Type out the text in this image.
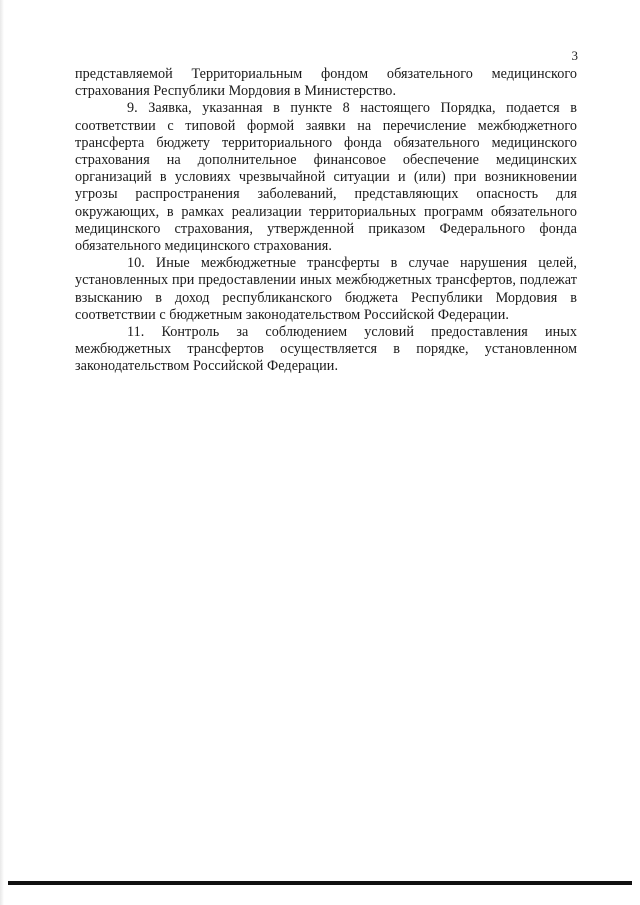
3

представляемой Территориальным фондом обязательного медицинского страхования Республики Мордовия в Министерство.

9. Заявка, указанная в пункте 8 настоящего Порядка, подается в соответствии с типовой формой заявки на перечисление межбюджетного трансферта бюджету территориального фонда обязательного медицинского страхования на дополнительное финансовое обеспечение медицинских организаций в условиях чрезвычайной ситуации и (или) при возникновении угрозы распространения заболеваний, представляющих опасность для окружающих, в рамках реализации территориальных программ обязательного медицинского страхования, утвержденной приказом Федерального фонда обязательного медицинского страхования.

10. Иные межбюджетные трансферты в случае нарушения целей, установленных при предоставлении иных межбюджетных трансфертов, подлежат взысканию в доход республиканского бюджета Республики Мордовия в соответствии с бюджетным законодательством Российской Федерации.

11. Контроль за соблюдением условий предоставления иных межбюджетных трансфертов осуществляется в порядке, установленном законодательством Российской Федерации.
